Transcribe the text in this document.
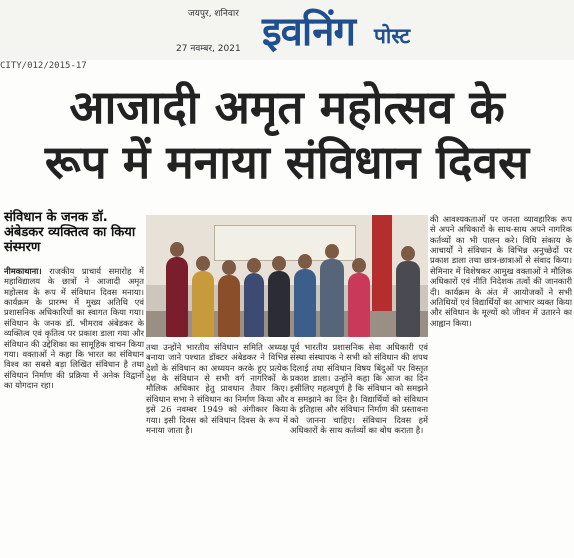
जयपुर, शनिवार
27 नवम्बर, 2021 इवनिंग पोस्ट
CITY/012/2015-17
आजादी अमृत महोत्सव के
रूप में मनाया संविधान दिवस
संविधान के जनक डॉ. अंबेडकर व्यक्तित्व का किया संस्मरण
नीमकाथाना। राजकीय प्राचार्य समारोह में महाविद्यालय के छात्रों ने आजादी अमृत महोत्सव के रूप में संविधान दिवस मनाया। कार्यक्रम के प्रारम्भ में मुख्य अतिथि एवं प्रशासनिक अधिकारियों का स्वागत किया गया। संविधान के जनक डॉ. भीमराव अंबेडकर के व्यक्तित्व एवं कृतित्व पर प्रकाश डाला गया और संविधान की उद्देशिका का सामूहिक वाचन किया गया। वक्ताओं ने कहा कि भारत का संविधान विश्व का सबसे बड़ा लिखित संविधान है तथा संविधान निर्माण की प्रक्रिया में अनेक विद्वानों का योगदान रहा।
तथा उन्होंने भारतीय संविधान समिति अध्यक्ष बनाया जाने पश्चात डॉक्टर अंबेडकर ने विभिन्न देशों के संविधान का अध्ययन करके हुए प्रत्येक देश के संविधान से सभी वर्ग नागरिकों के मौलिक अधिकार हेतु प्रावधान तैयार किए। संविधान सभा ने संविधान का निर्माण किया और इसे 26 नवम्बर 1949 को अंगीकार किया गया। इसी दिवस को संविधान दिवस के रूप में मनाया जाता है।
पूर्व भारतीय प्रशासनिक सेवा अधिकारी एवं संस्था संस्थापक ने सभी को संविधान की शपथ दिलाई तथा संविधान विषय बिंदुओं पर विस्तृत प्रकाश डाला। उन्होंने कहा कि आज का दिन इसीलिए महत्वपूर्ण है कि संविधान को समझने व समझाने का दिन है। विद्यार्थियों को संविधान के इतिहास और संविधान निर्माण की प्रस्तावना को जानना चाहिए। संविधान दिवस हमें अधिकारों के साथ कर्तव्यों का बोध कराता है।
की आवश्यकताओं पर जनता व्यावहारिक रूप से अपने अधिकारों के साथ-साथ अपने नागरिक कर्तव्यों का भी पालन करे। विधि संकाय के आचार्यों ने संविधान के विभिन्न अनुच्छेदों पर प्रकाश डाला तथा छात्र-छात्राओं से संवाद किया। सेमिनार में विशेषकर आमुख वक्ताओं ने मौलिक अधिकारों एवं नीति निदेशक तत्वों की जानकारी दी। कार्यक्रम के अंत में आयोजकों ने सभी अतिथियों एवं विद्यार्थियों का आभार व्यक्त किया और संविधान के मूल्यों को जीवन में उतारने का आह्वान किया।
